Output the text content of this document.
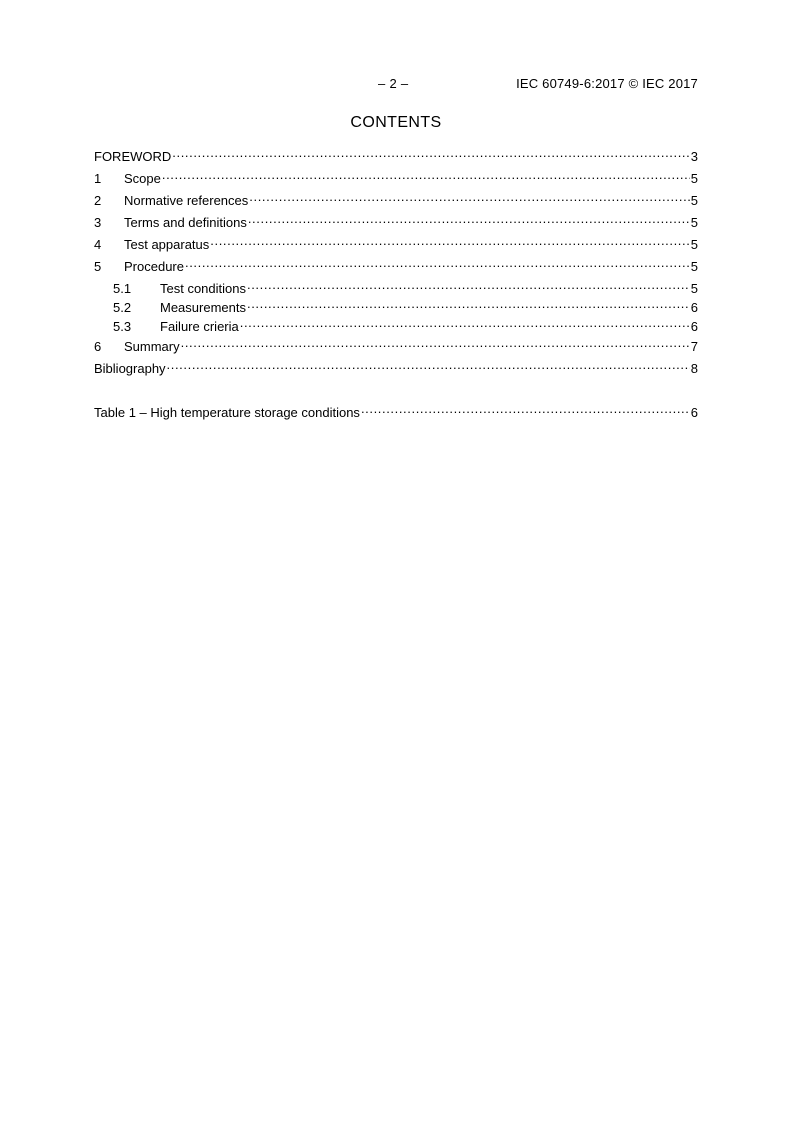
– 2 –	IEC 60749-6:2017 © IEC 2017
CONTENTS
FOREWORD .....	3
1	Scope .....	5
2	Normative references .....	5
3	Terms and definitions .....	5
4	Test apparatus .....	5
5	Procedure .....	5
5.1	Test conditions .....	5
5.2	Measurements .....	6
5.3	Failure crieria .....	6
6	Summary .....	7
Bibliography .....	8
Table 1 – High temperature storage conditions .....	6
